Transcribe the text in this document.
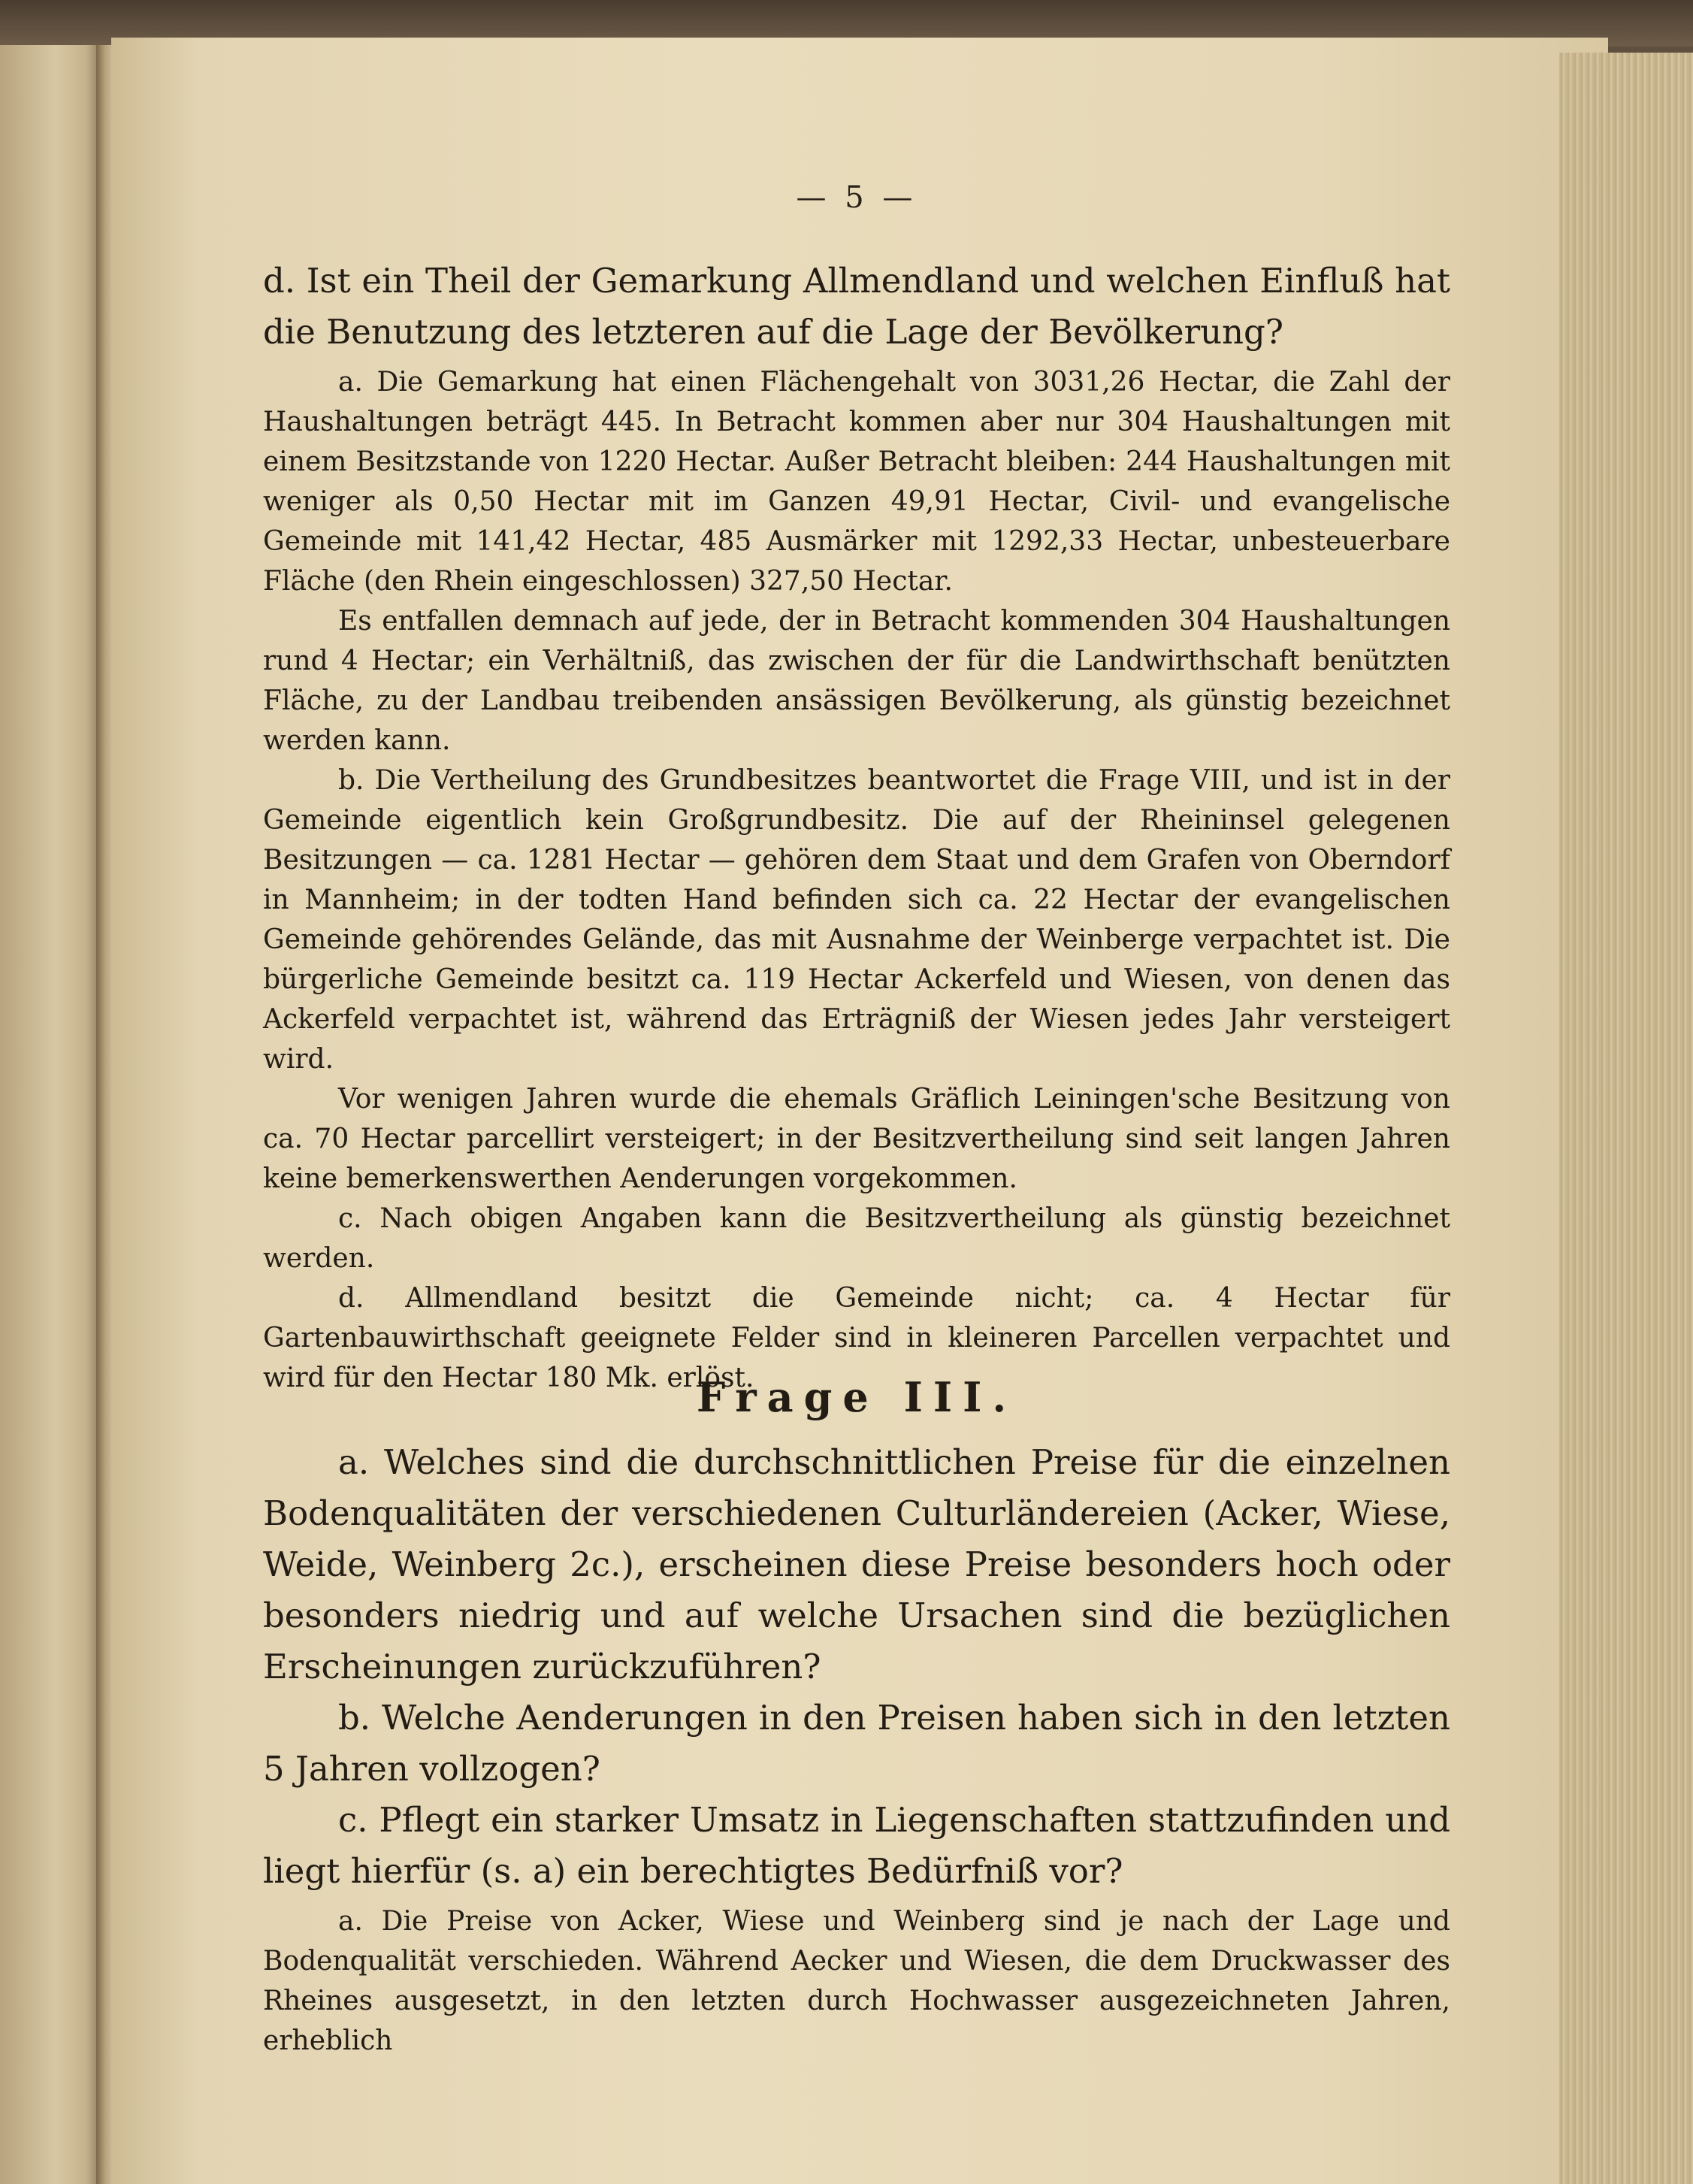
— 5 —

d. Ist ein Theil der Gemarkung Allmendland und welchen Einfluß hat die Benutzung des letzteren auf die Lage der Bevölkerung?

a. Die Gemarkung hat einen Flächengehalt von 3031,26 Hectar, die Zahl der Haushaltungen beträgt 445. In Betracht kommen aber nur 304 Haushaltungen mit einem Besitzstande von 1220 Hectar. Außer Betracht bleiben: 244 Haushaltungen mit weniger als 0,50 Hectar mit im Ganzen 49,91 Hectar, Civil- und evangelische Gemeinde mit 141,42 Hectar, 485 Ausmärker mit 1292,33 Hectar, unbesteuerbare Fläche (den Rhein eingeschlossen) 327,50 Hectar.

Es entfallen demnach auf jede, der in Betracht kommenden 304 Haushaltungen rund 4 Hectar; ein Verhältniß, das zwischen der für die Landwirthschaft benützten Fläche, zu der Landbau treibenden ansässigen Bevölkerung, als günstig bezeichnet werden kann.

b. Die Vertheilung des Grundbesitzes beantwortet die Frage VIII, und ist in der Gemeinde eigentlich kein Großgrundbesitz. Die auf der Rheininsel gelegenen Besitzungen — ca. 1281 Hectar — gehören dem Staat und dem Grafen von Oberndorf in Mannheim; in der todten Hand befinden sich ca. 22 Hectar der evangelischen Gemeinde gehörendes Gelände, das mit Ausnahme der Weinberge verpachtet ist. Die bürgerliche Gemeinde besitzt ca. 119 Hectar Ackerfeld und Wiesen, von denen das Ackerfeld verpachtet ist, während das Erträgniß der Wiesen jedes Jahr versteigert wird.

Vor wenigen Jahren wurde die ehemals Gräflich Leiningen'sche Besitzung von ca. 70 Hectar parcellirt versteigert; in der Besitzvertheilung sind seit langen Jahren keine bemerkenswerthen Aenderungen vorgekommen.

c. Nach obigen Angaben kann die Besitzvertheilung als günstig bezeichnet werden.

d. Allmendland besitzt die Gemeinde nicht; ca. 4 Hectar für Gartenbauwirthschaft geeignete Felder sind in kleineren Parcellen verpachtet und wird für den Hectar 180 Mk. erlöst.

Frage III.

a. Welches sind die durchschnittlichen Preise für die einzelnen Bodenqualitäten der verschiedenen Culturländereien (Acker, Wiese, Weide, Weinberg 2c.), erscheinen diese Preise besonders hoch oder besonders niedrig und auf welche Ursachen sind die bezüglichen Erscheinungen zurückzuführen?

b. Welche Aenderungen in den Preisen haben sich in den letzten 5 Jahren vollzogen?

c. Pflegt ein starker Umsatz in Liegenschaften stattzufinden und liegt hierfür (s. a) ein berechtigtes Bedürfniß vor?

a. Die Preise von Acker, Wiese und Weinberg sind je nach der Lage und Bodenqualität verschieden. Während Aecker und Wiesen, die dem Druckwasser des Rheines ausgesetzt, in den letzten durch Hochwasser ausgezeichneten Jahren, erheblich
